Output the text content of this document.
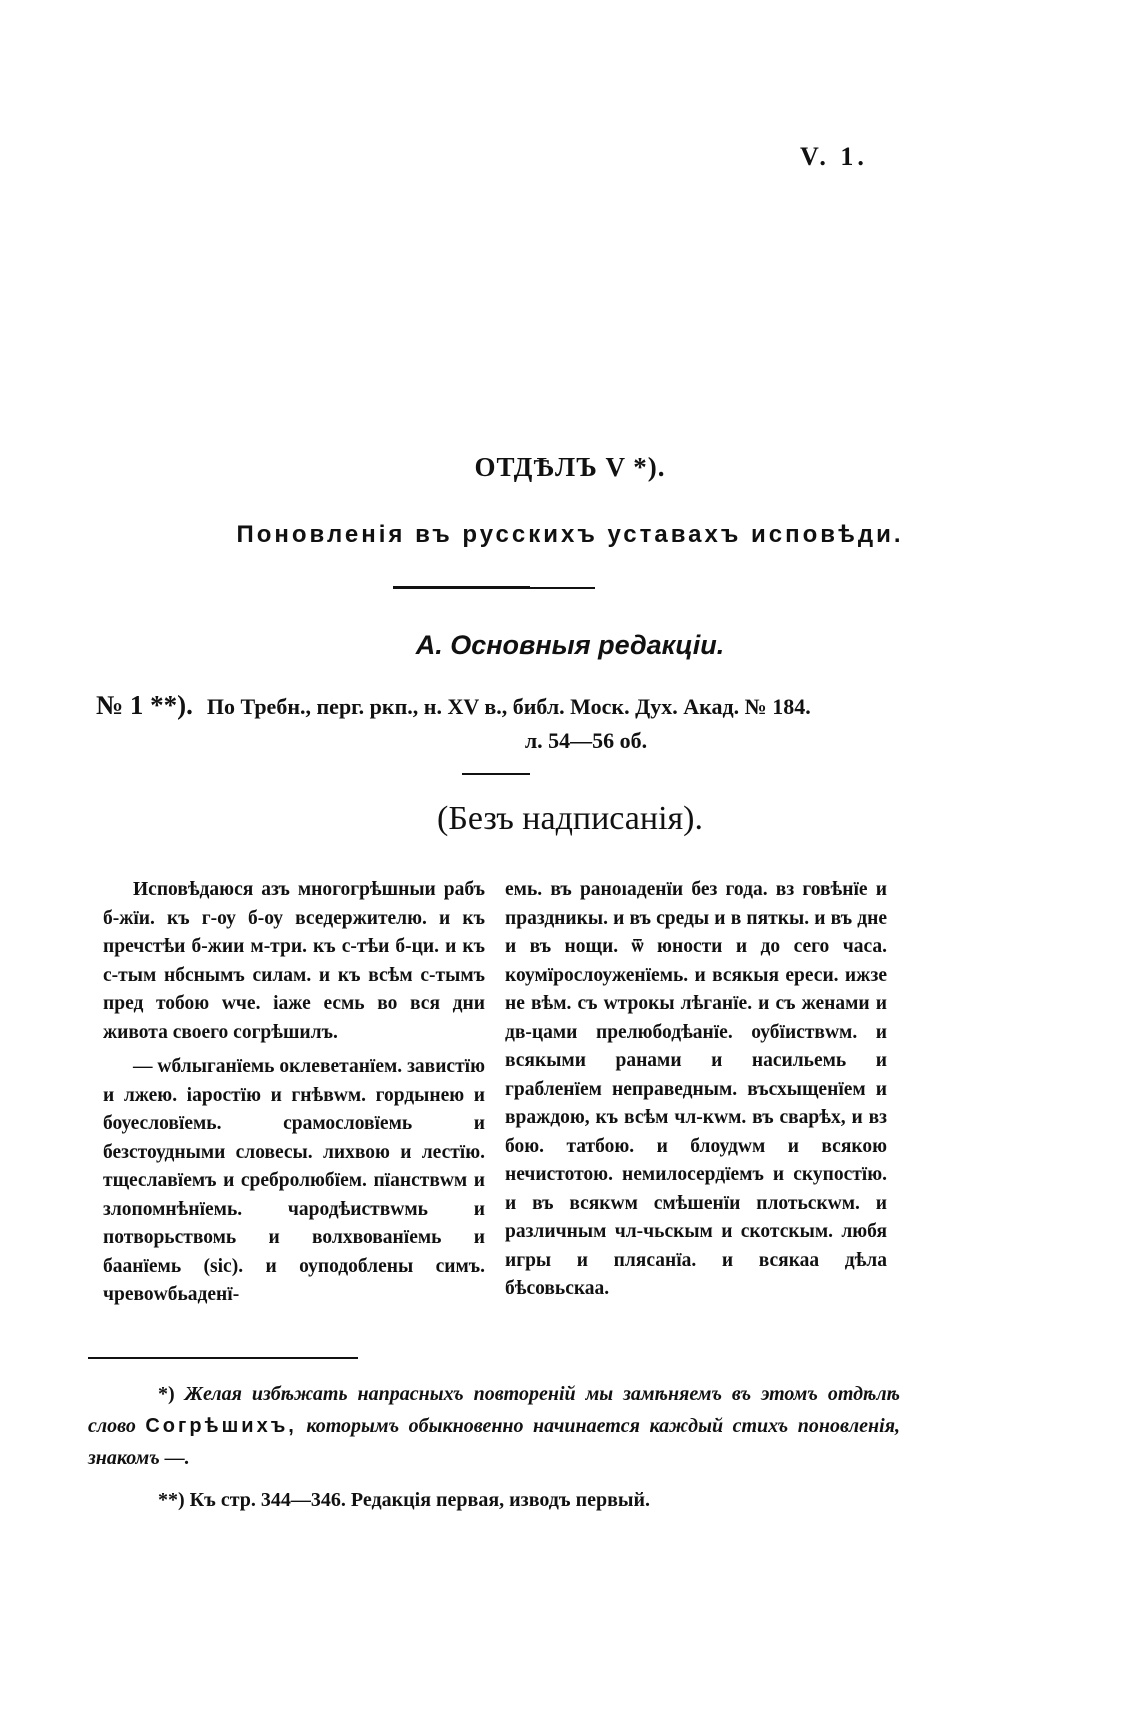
V. 1.
ОТДѢЛЪ V *).
Поновленія въ русскихъ уставахъ исповѣди.
А. Основныя редакціи.
№ 1 **). По Требн., перг. ркп., н. XV в., библ. Моск. Дух. Акад. № 184.
л. 54—56 об.
(Безъ надписанія).

Исповѣдаюся азъ многогрѣшныи рабъ б-жїи. къ г-оу б-оу вседержителю. и къ пречстѣи б-жии м-три. къ с-тѣи б-ци. и къ с-тым нбснымъ силам. и къ всѣм с-тымъ пред тобою wче. іаже есмь во вся дни живота своего согрѣшилъ.

— wблыганїемь оклеветанїем. завистїю и лжею. іаростїю и гнѣвwм. гордынею и боуесловїемь. срамословїемь и безстоудными словесы. лихвою и лестїю. тщеславїемъ и сребролюбїем. пїанствwм и злопомнѣнїемь. чародѣиствwмь и потворьствомь и волхвованїемь и баанїемь (sic). и оуподоблены симъ. чревоwбьаденї-

емь. въ раноıаденїи без года. вз говѣнїе и празд​никы. и въ среды и в пяткы. и въ дне и въ нощи. ѿ юности и до сего часа. коумїрослоуженїемь. и всякыя ереси. ижзе не вѣм. съ wтрокы лѣганїе. и съ женами и дв-цами прелюбодѣанїе. оубїиствwм. и всякыми ранами и насильемь и грабленїем неправедным. въсхыщенїем и враждою, къ всѣм чл-кwм. въ сварѣх, и вз бою. татбою. и блоудwм и всякою нечистотою. немилосердїемъ и скупостїю. и въ всякwм смѣшенїи плотьскwм. и различным чл-чьскым и скотскым. любя игры и плясанїа. и всякаа дѣла бѣсовьскаа.

*) Желая избѣжать напрасныхъ повтореній мы замѣняемъ въ этомъ отдѣлѣ слово Согрѣшихъ, которымъ обыкновенно начинается каждый стихъ поновленія, знакомъ —.

**) Къ стр. 344—346. Редакція первая, изводъ первый.
